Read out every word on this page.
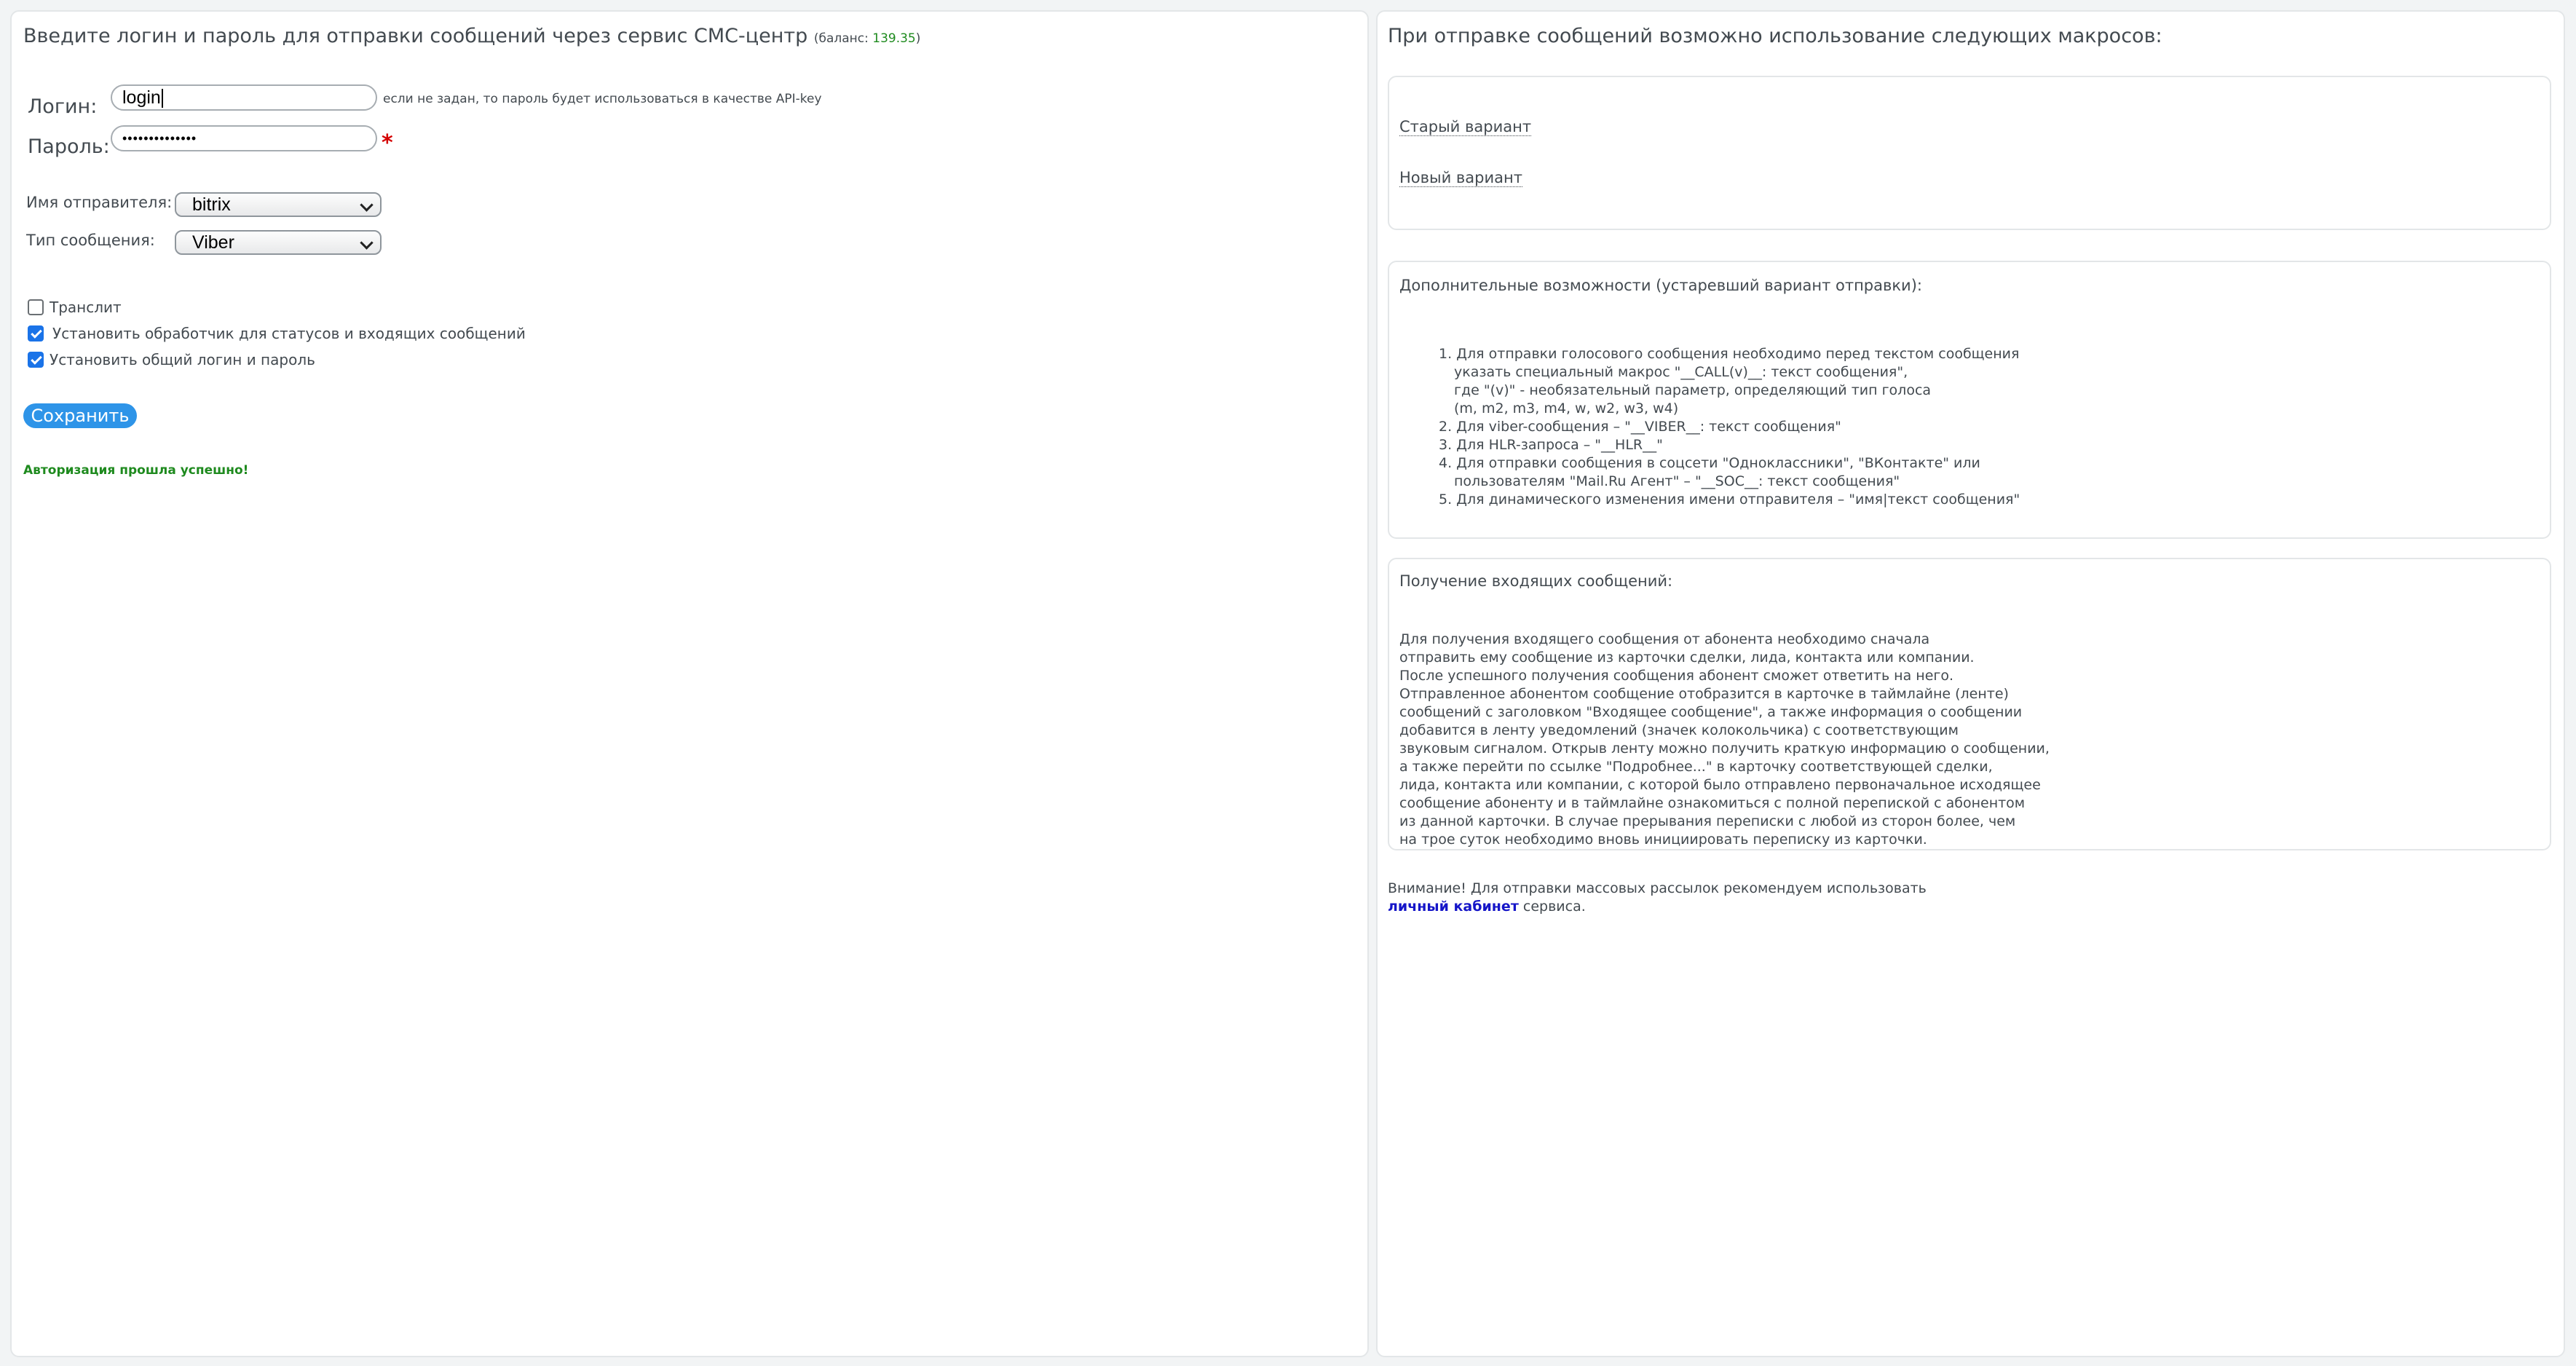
Введите логин и пароль для отправки сообщений через сервис СМС-центр (баланс: 139.35)
Логин:	login	если не задан, то пароль будет использоваться в качестве API-key
Пароль: ••••••••••••••	*
Имя отправителя:	bitrix
Тип сообщения:	Viber
Транслит
Установить обработчик для статусов и входящих сообщений
Установить общий логин и пароль
Сохранить
Авторизация прошла успешно!
При отправке сообщений возможно использование следующих макросов:
Старый вариант
Новый вариант
Дополнительные возможности (устаревший вариант отправки):
1. Для отправки голосового сообщения необходимо перед текстом сообщения
указать специальный макрос "__CALL(v)__: текст сообщения",
где "(v)" - необязательный параметр, определяющий тип голоса
(m, m2, m3, m4, w, w2, w3, w4)
2. Для viber-сообщения – "__VIBER__: текст сообщения"
3. Для HLR-запроса – "__HLR__"
4. Для отправки сообщения в соцсети "Одноклассники", "ВКонтакте" или
пользователям "Mail.Ru Агент" – "__SOC__: текст сообщения"
5. Для динамического изменения имени отправителя – "имя|текст сообщения"
Получение входящих сообщений:
Для получения входящего сообщения от абонента необходимо сначала
отправить ему сообщение из карточки сделки, лида, контакта или компании.
После успешного получения сообщения абонент сможет ответить на него.
Отправленное абонентом сообщение отобразится в карточке в таймлайне (ленте)
сообщений с заголовком "Входящее сообщение", а также информация о сообщении
добавится в ленту уведомлений (значек колокольчика) с соответствующим
звуковым сигналом. Открыв ленту можно получить краткую информацию о сообщении,
а также перейти по ссылке "Подробнее..." в карточку соответствующей сделки,
лида, контакта или компании, с которой было отправлено первоначальное исходящее
сообщение абоненту и в таймлайне ознакомиться с полной перепиской с абонентом
из данной карточки. В случае прерывания переписки с любой из сторон более, чем
на трое суток необходимо вновь инициировать переписку из карточки.
Внимание! Для отправки массовых рассылок рекомендуем использовать
личный кабинет сервиса.
